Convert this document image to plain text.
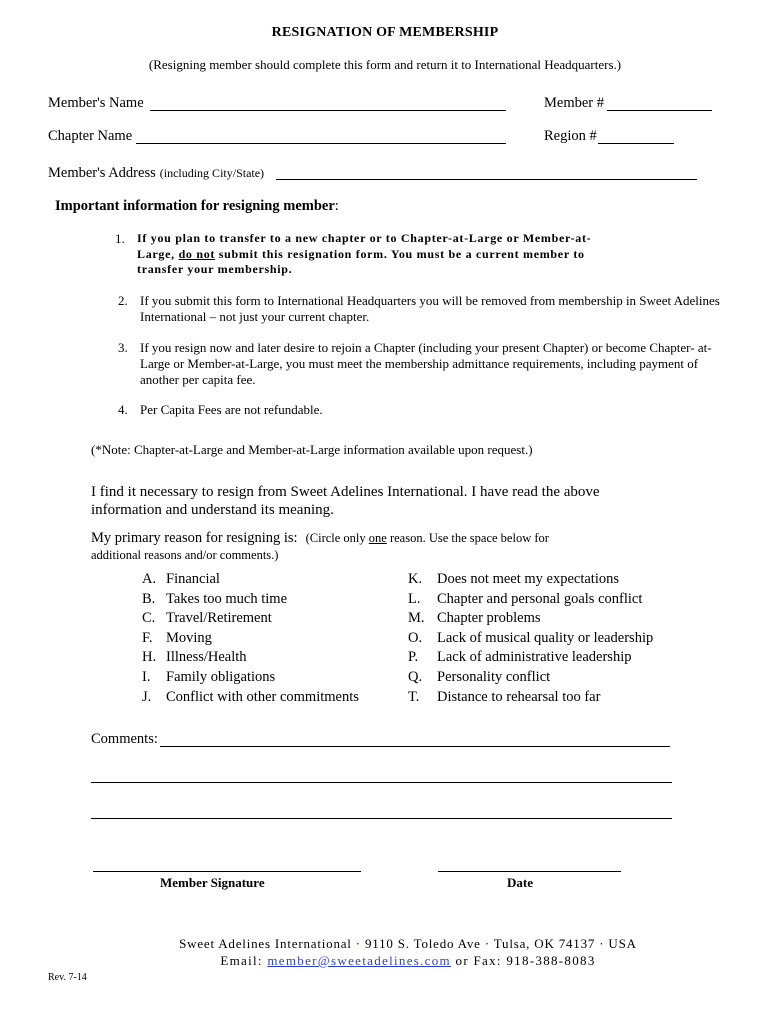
RESIGNATION OF MEMBERSHIP
(Resigning member should complete this form and return it to International Headquarters.)
Member's Name	Member #
Chapter Name	Region #
Member's Address (including City/State)
Important information for resigning member:
1. If you plan to transfer to a new chapter or to Chapter-at-Large or Member-at-
Large, do not submit this resignation form. You must be a current member to
transfer your membership.
2. If you submit this form to International Headquarters you will be removed from membership in Sweet Adelines International – not just your current chapter.
3. If you resign now and later desire to rejoin a Chapter (including your present Chapter) or become Chapter- at-Large or Member-at-Large, you must meet the membership admittance requirements, including payment of another per capita fee.
4. Per Capita Fees are not refundable.
(*Note: Chapter-at-Large and Member-at-Large information available upon request.)
I find it necessary to resign from Sweet Adelines International. I have read the above
information and understand its meaning.
My primary reason for resigning is: (Circle only one reason. Use the space below for
additional reasons and/or comments.)
A. Financial
B. Takes too much time
C. Travel/Retirement
F. Moving
H. Illness/Health
I. Family obligations
J. Conflict with other commitments
K. Does not meet my expectations
L. Chapter and personal goals conflict
M. Chapter problems
O. Lack of musical quality or leadership
P. Lack of administrative leadership
Q. Personality conflict
T. Distance to rehearsal too far
Comments:
Member Signature	Date
Sweet Adelines International · 9110 S. Toledo Ave · Tulsa, OK 74137 · USA
Email: member@sweetadelines.com or Fax: 918-388-8083
Rev. 7-14
